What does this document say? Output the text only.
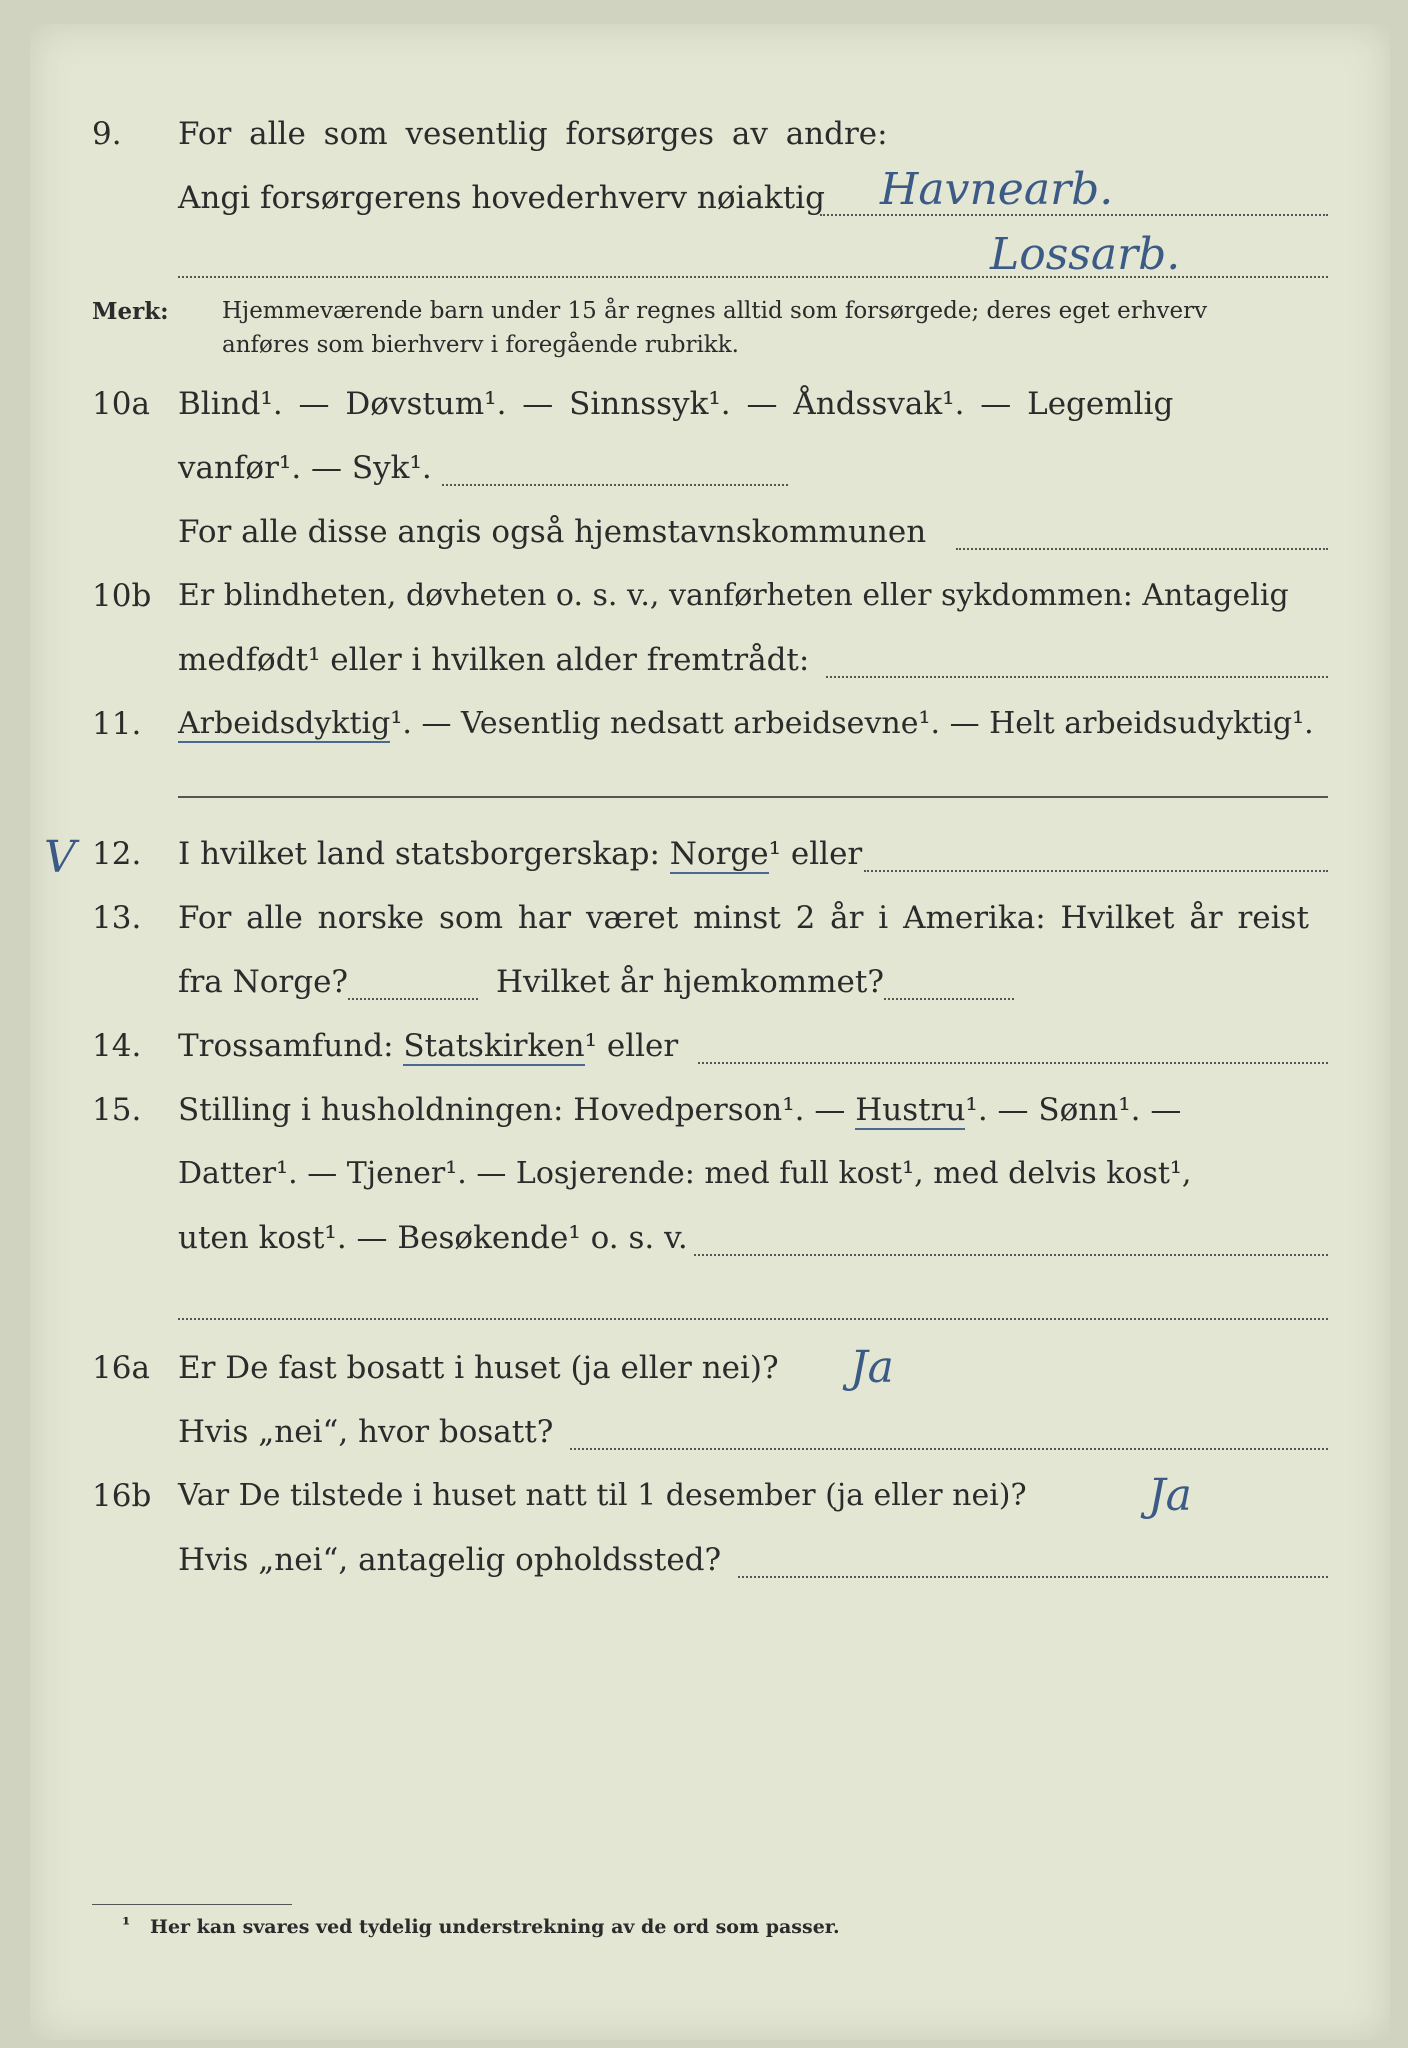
9. For alle som vesentlig forsørges av andre:
Angi forsørgerens hovederhverv nøiaktig Havnearb.
Lossarb.
Merk: Hjemmeværende barn under 15 år regnes alltid som forsørgede; deres eget erhverv
anføres som bierhverv i foregående rubrikk.
10a Blind¹. — Døvstum¹. — Sinnssyk¹. — Åndssvak¹. — Legemlig
vanfør¹. — Syk¹.
For alle disse angis også hjemstavnskommunen
10b Er blindheten, døvheten o. s. v., vanførheten eller sykdommen: Antagelig
medfødt¹ eller i hvilken alder fremtrådt:
11. Arbeidsdyktig¹. — Vesentlig nedsatt arbeidsevne¹. — Helt arbeidsudyktig¹.
V 12. I hvilket land statsborgerskap: Norge¹ eller
13. For alle norske som har været minst 2 år i Amerika: Hvilket år reist
fra Norge?	Hvilket år hjemkommet?
14. Trossamfund: Statskirken¹ eller
15. Stilling i husholdningen: Hovedperson¹. — Hustru¹. — Sønn¹. —
Datter¹. — Tjener¹. — Losjerende: med full kost¹, med delvis kost¹,
uten kost¹. — Besøkende¹ o. s. v.
16a Er De fast bosatt i huset (ja eller nei)? Ja
Hvis „nei“, hvor bosatt?
16b Var De tilstede i huset natt til 1 desember (ja eller nei)?	Ja
Hvis „nei“, antagelig opholdssted?
¹ Her kan svares ved tydelig understrekning av de ord som passer.
